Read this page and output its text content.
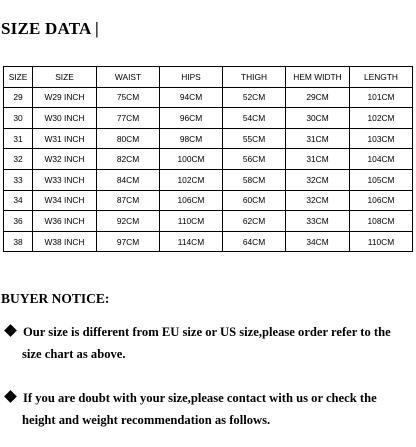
SIZE DATA |
SIZE	SIZE	WAIST	HIPS	THIGH	HEM WIDTH	LENGTH
29	W29 INCH	75CM	94CM	52CM	29CM	101CM
30	W30 INCH	77CM	96CM	54CM	30CM	102CM
31	W31 INCH	80CM	98CM	55CM	31CM	103CM
32	W32 INCH	82CM	100CM	56CM	31CM	104CM
33	W33 INCH	84CM	102CM	58CM	32CM	105CM
34	W34 INCH	87CM	106CM	60CM	32CM	106CM
36	W36 INCH	92CM	110CM	62CM	33CM	108CM
38	W38 INCH	97CM	114CM	64CM	34CM	110CM
BUYER NOTICE:
Our size is different from EU size or US size,please order refer to the
size chart as above.
If you are doubt with your size,please contact with us or check the
height and weight recommendation as follows.
